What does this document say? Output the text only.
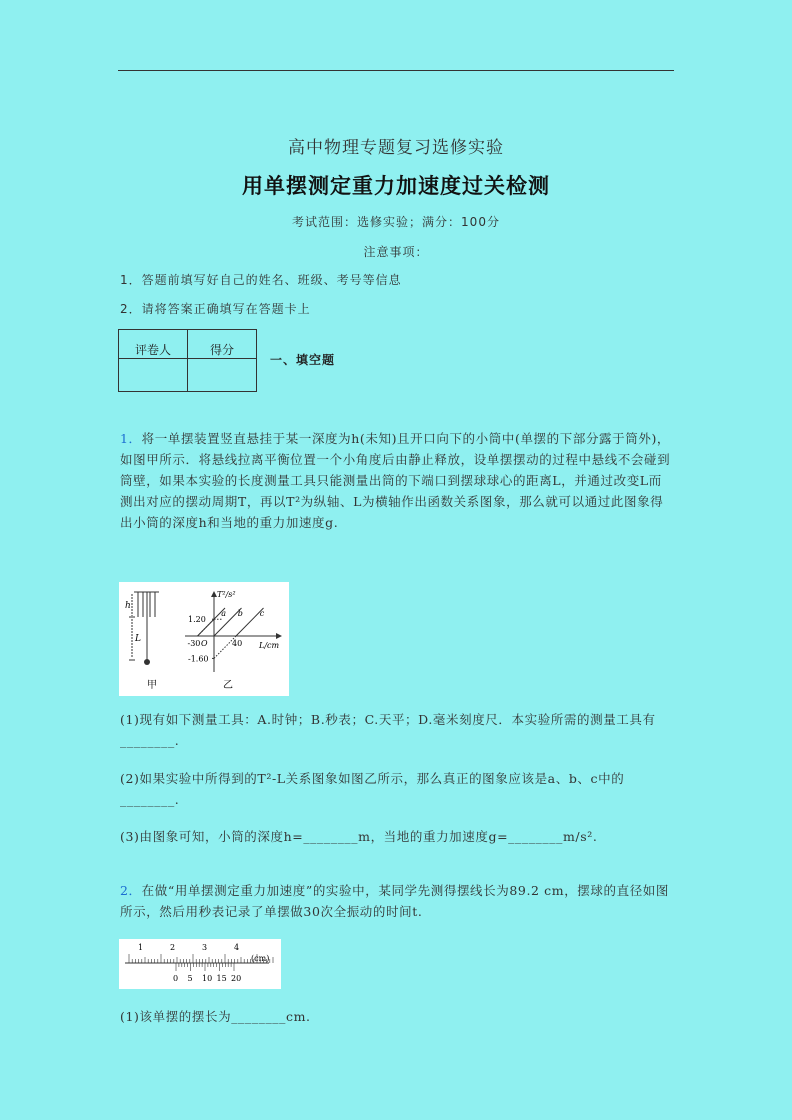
高中物理专题复习选修实验
用单摆测定重力加速度过关检测
考试范围：选修实验；满分：100分
注意事项：
1．答题前填写好自己的姓名、班级、考号等信息
2．请将答案正确填写在答题卡上
评卷人	得分

一、填空题
1．将一单摆装置竖直悬挂于某一深度为h(未知)且开口向下的小筒中(单摆的下部分露于筒外)，如图甲所示．将悬线拉离平衡位置一个小角度后由静止释放，设单摆摆动的过程中悬线不会碰到筒壁，如果本实验的长度测量工具只能测量出筒的下端口到摆球球心的距离L，并通过改变L而测出对应的摆动周期T，再以T²为纵轴、L为横轴作出函数关系图象，那么就可以通过此图象得出小筒的深度h和当地的重力加速度g.
h
L
甲	乙
T²/s²
L/cm
O
-30	40
1.20
-1.60
a b c
(1)现有如下测量工具：A.时钟；B.秒表；C.天平；D.毫米刻度尺．本实验所需的测量工具有________.
(2)如果实验中所得到的T²-L关系图象如图乙所示，那么真正的图象应该是a、b、c中的________.
(3)由图象可知，小筒的深度h=________m，当地的重力加速度g=________m/s².
2．在做“用单摆测定重力加速度”的实验中，某同学先测得摆线长为89.2 cm，摆球的直径如图所示，然后用秒表记录了单摆做30次全振动的时间t.
1	2	3	4
(cm)
0 5 10 15 20
(1)该单摆的摆长为________cm.
